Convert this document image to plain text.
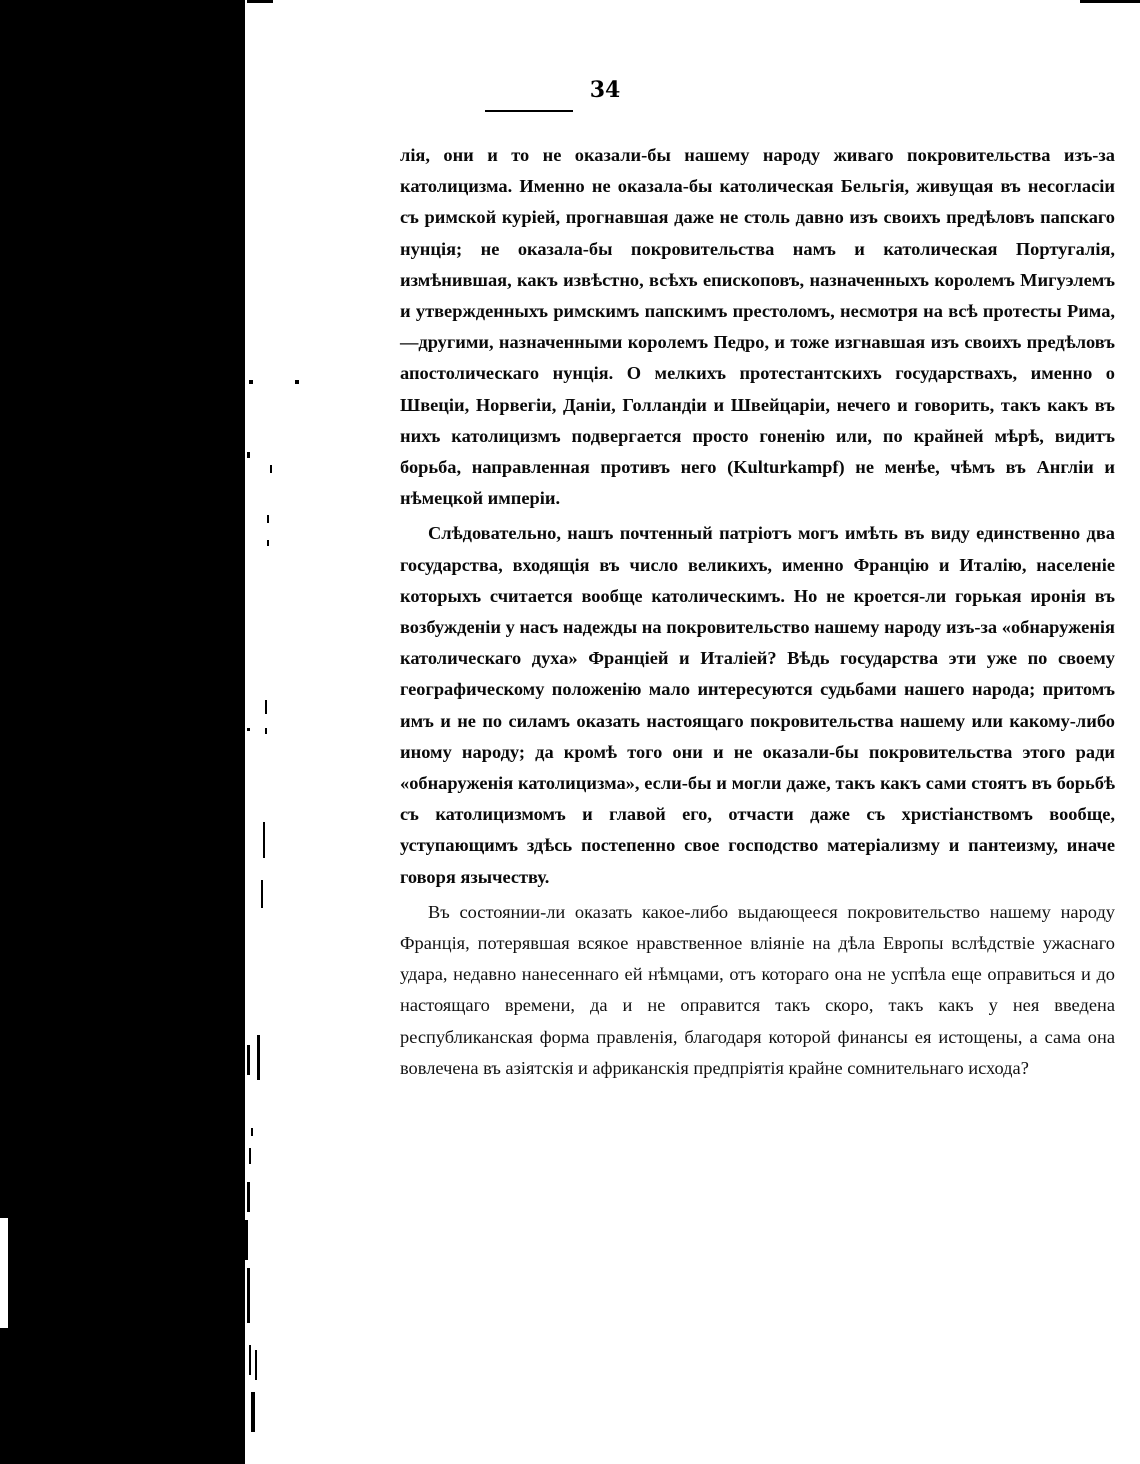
34

лія, они и то не оказали-бы нашему народу живаго покровительства изъ-за католицизма. Именно не оказала-бы католическая Бельгія, живущая въ несогласіи съ римской куріей, прогнавшая даже не столь давно изъ своихъ предѣловъ папскаго нунція; не оказала-бы покровительства намъ и католическая Португалія, измѣнившая, какъ извѣстно, всѣхъ епископовъ, назначенныхъ королемъ Мигуэлемъ и утвержденныхъ римскимъ папскимъ престоломъ, несмотря на всѣ протесты Рима,—другими, назначенными королемъ Педро, и тоже изгнавшая изъ своихъ предѣловъ апостолическаго нунція. О мелкихъ протестантскихъ государствахъ, именно о Швеціи, Норвегіи, Даніи, Голландіи и Швейцаріи, нечего и говорить, такъ какъ въ нихъ католицизмъ подвергается просто гоненію или, по крайней мѣрѣ, видитъ борьба, направленная противъ него (Kulturkampf) не менѣе, чѣмъ въ Англіи и нѣмецкой имперіи.

Слѣдовательно, нашъ почтенный патріотъ могъ имѣть въ виду единственно два государства, входящія въ число великихъ, именно Францію и Италію, населеніе которыхъ считается вообще католическимъ. Но не кроется-ли горькая иронія въ возбужденіи у насъ надежды на покровительство нашему народу изъ-за «обнаруженія католическаго духа» Франціей и Италіей? Вѣдь государства эти уже по своему географическому положенію мало интересуются судьбами нашего народа; притомъ имъ и не по силамъ оказать настоящаго покровительства нашему или какому-либо иному народу; да кромѣ того они и не оказали-бы покровительства этого ради «обнаруженія католицизма», если-бы и могли даже, такъ какъ сами стоятъ въ борьбѣ съ католицизмомъ и главой его, отчасти даже съ христіанствомъ вообще, уступающимъ здѣсь постепенно свое господство матеріализму и пантеизму, иначе говоря язычеству.

Въ состоянии-ли оказать какое-либо выдающееся покровительство нашему народу Франція, потерявшая всякое нравственное вліяніе на дѣла Европы вслѣдствіе ужаснаго удара, недавно нанесеннаго ей нѣмцами, отъ котораго она не успѣла еще оправиться и до настоящаго времени, да и не оправится такъ скоро, такъ какъ у нея введена республиканская форма правленія, благодаря которой финансы ея истощены, а сама она вовлечена въ азіятскія и африканскія предпріятія крайне сомнительнаго исхода?
